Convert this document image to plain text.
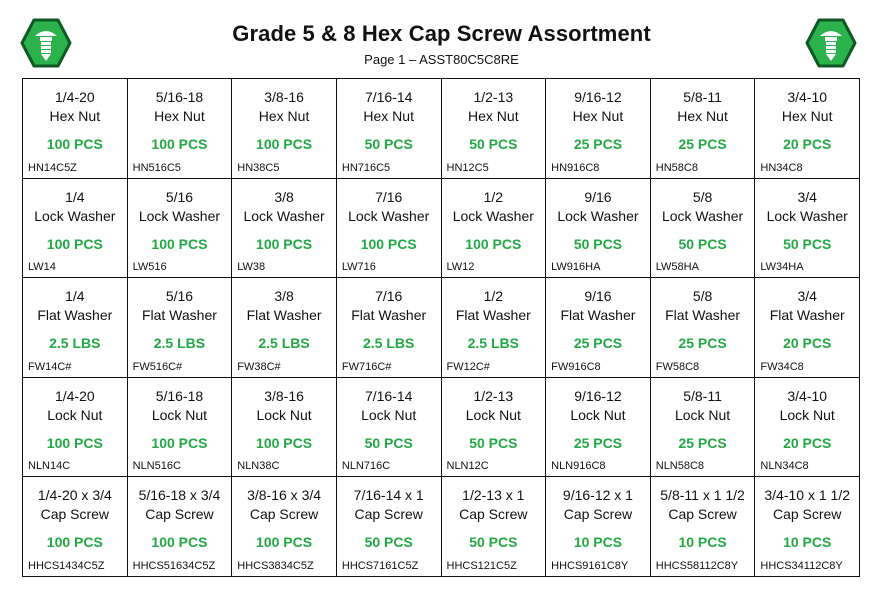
Grade 5 & 8 Hex Cap Screw Assortment
Page 1 – ASST80C5C8RE
1/4-20
Hex Nut
100 PCS
HN14C5Z
5/16-18
Hex Nut
100 PCS
HN516C5
3/8-16
Hex Nut
100 PCS
HN38C5
7/16-14
Hex Nut
50 PCS
HN716C5
1/2-13
Hex Nut
50 PCS
HN12C5
9/16-12
Hex Nut
25 PCS
HN916C8
5/8-11
Hex Nut
25 PCS
HN58C8
3/4-10
Hex Nut
20 PCS
HN34C8
1/4
Lock Washer
100 PCS
LW14
5/16
Lock Washer
100 PCS
LW516
3/8
Lock Washer
100 PCS
LW38
7/16
Lock Washer
100 PCS
LW716
1/2
Lock Washer
100 PCS
LW12
9/16
Lock Washer
50 PCS
LW916HA
5/8
Lock Washer
50 PCS
LW58HA
3/4
Lock Washer
50 PCS
LW34HA
1/4
Flat Washer
2.5 LBS
FW14C#
5/16
Flat Washer
2.5 LBS
FW516C#
3/8
Flat Washer
2.5 LBS
FW38C#
7/16
Flat Washer
2.5 LBS
FW716C#
1/2
Flat Washer
2.5 LBS
FW12C#
9/16
Flat Washer
25 PCS
FW916C8
5/8
Flat Washer
25 PCS
FW58C8
3/4
Flat Washer
20 PCS
FW34C8
1/4-20
Lock Nut
100 PCS
NLN14C
5/16-18
Lock Nut
100 PCS
NLN516C
3/8-16
Lock Nut
100 PCS
NLN38C
7/16-14
Lock Nut
50 PCS
NLN716C
1/2-13
Lock Nut
50 PCS
NLN12C
9/16-12
Lock Nut
25 PCS
NLN916C8
5/8-11
Lock Nut
25 PCS
NLN58C8
3/4-10
Lock Nut
20 PCS
NLN34C8
1/4-20 x 3/4
Cap Screw
100 PCS
HHCS1434C5Z
5/16-18 x 3/4
Cap Screw
100 PCS
HHCS51634C5Z
3/8-16 x 3/4
Cap Screw
100 PCS
HHCS3834C5Z
7/16-14 x 1
Cap Screw
50 PCS
HHCS7161C5Z
1/2-13 x 1
Cap Screw
50 PCS
HHCS121C5Z
9/16-12 x 1
Cap Screw
10 PCS
HHCS9161C8Y
5/8-11 x 1 1/2
Cap Screw
10 PCS
HHCS58112C8Y
3/4-10 x 1 1/2
Cap Screw
10 PCS
HHCS34112C8Y
